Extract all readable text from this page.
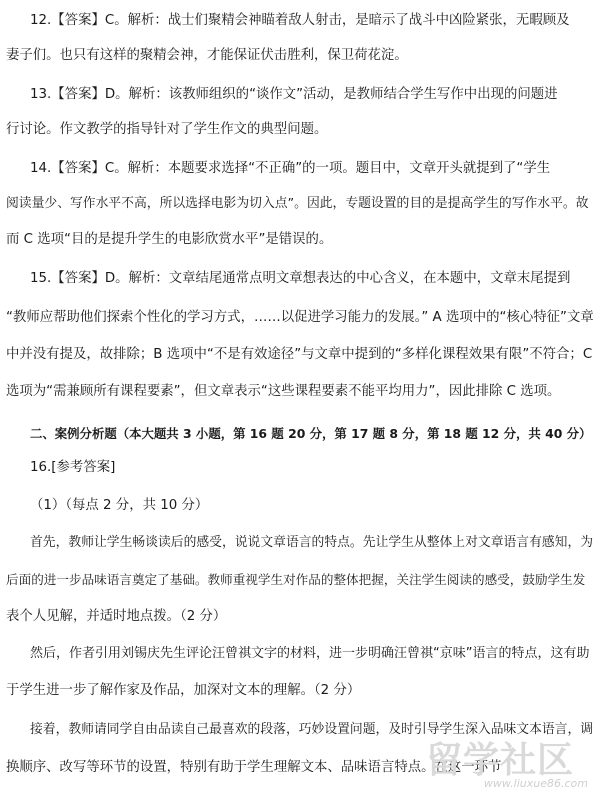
12.【答案】C。解析：战士们聚精会神瞄着敌人射击，是暗示了战斗中凶险紧张，无暇顾及
妻子们。也只有这样的聚精会神，才能保证伏击胜利，保卫荷花淀。
13.【答案】D。解析：该教师组织的“谈作文”活动，是教师结合学生写作中出现的问题进
行讨论。作文教学的指导针对了学生作文的典型问题。
14.【答案】C。解析：本题要求选择“不正确”的一项。题目中，文章开头就提到了“学生
阅读量少、写作水平不高，所以选择电影为切入点”。因此，专题设置的目的是提高学生的写作水平。故
而 C 选项“目的是提升学生的电影欣赏水平”是错误的。
15.【答案】D。解析：文章结尾通常点明文章想表达的中心含义，在本题中，文章末尾提到
“教师应帮助他们探索个性化的学习方式，……以促进学习能力的发展。” A 选项中的“核心特征”文章
中并没有提及，故排除；B 选项中“不是有效途径”与文章中提到的“多样化课程效果有限”不符合；C
选项为“需兼顾所有课程要素”，但文章表示“这些课程要素不能平均用力”，因此排除 C 选项。
二、案例分析题（本大题共 3 小题，第 16 题 20 分，第 17 题 8 分，第 18 题 12 分，共 40 分）
16.[参考答案]
（1）（每点 2 分，共 10 分）
首先，教师让学生畅谈读后的感受，说说文章语言的特点。先让学生从整体上对文章语言有感知，为
后面的进一步品味语言奠定了基础。教师重视学生对作品的整体把握，关注学生阅读的感受，鼓励学生发
表个人见解，并适时地点拨。（2 分）
然后，作者引用刘锡庆先生评论汪曾祺文字的材料，进一步明确汪曾祺“京味”语言的特点，这有助
于学生进一步了解作家及作品，加深对文本的理解。（2 分）
接着，教师请同学自由品读自己最喜欢的段落，巧妙设置问题，及时引导学生深入品味文本语言，调
换顺序、改写等环节的设置，特别有助于学生理解文本、品味语言特点。在这一环节
留学社区
www.liuxue86.com
